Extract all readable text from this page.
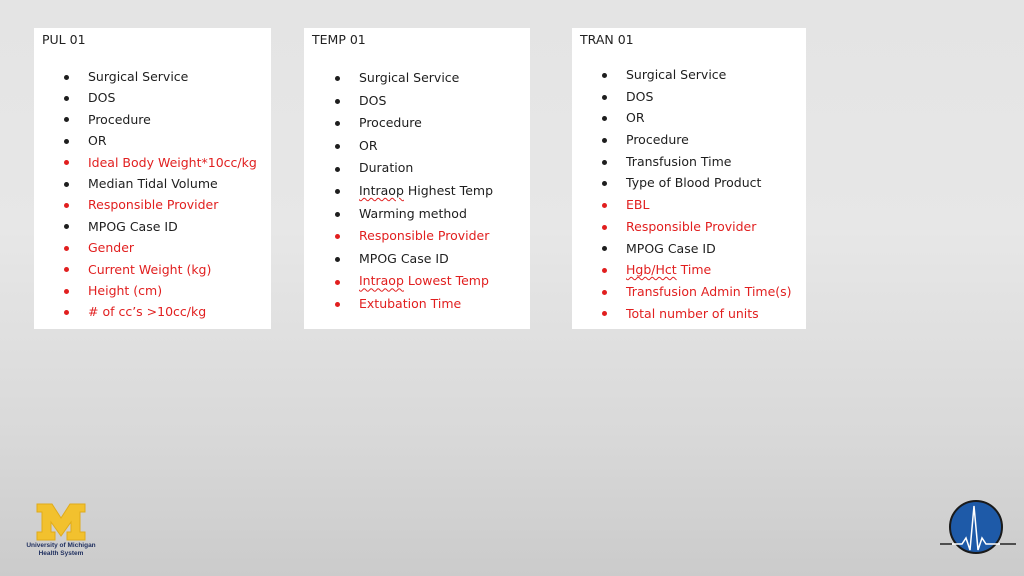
PUL 01
Surgical Service
DOS
Procedure
OR
Ideal Body Weight*10cc/kg
Median Tidal Volume
Responsible Provider
MPOG Case ID
Gender
Current Weight (kg)
Height (cm)
# of cc’s >10cc/kg
TEMP 01
Surgical Service
DOS
Procedure
OR
Duration
Intraop Highest Temp
Warming method
Responsible Provider
MPOG Case ID
Intraop Lowest Temp
Extubation Time
TRAN 01
Surgical Service
DOS
OR
Procedure
Transfusion Time
Type of Blood Product
EBL
Responsible Provider
MPOG Case ID
Hgb/Hct Time
Transfusion Admin Time(s)
Total number of units
University of Michigan
Health System
